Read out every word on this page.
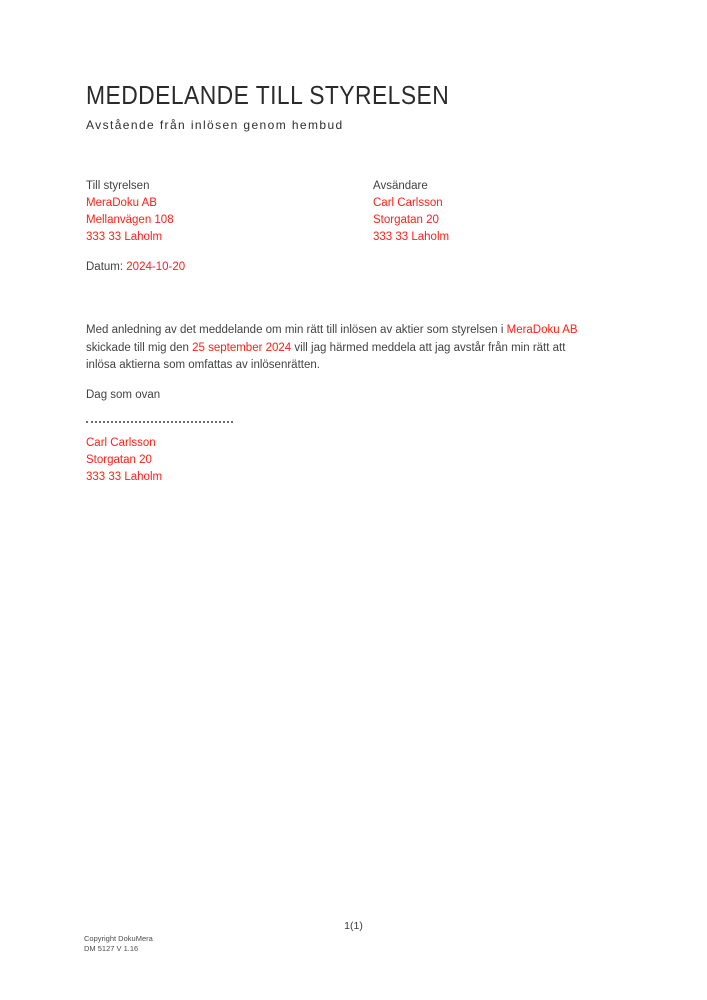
MEDDELANDE TILL STYRELSEN
Avstående från inlösen genom hembud
Till styrelsen
MeraDoku AB
Mellanvägen 108
333 33 Laholm
Avsändare
Carl Carlsson
Storgatan 20
333 33 Laholm
Datum: 2024-10-20
Med anledning av det meddelande om min rätt till inlösen av aktier som styrelsen i MeraDoku AB
skickade till mig den 25 september 2024 vill jag härmed meddela att jag avstår från min rätt att
inlösa aktierna som omfattas av inlösenrätten.
Dag som ovan
Carl Carlsson
Storgatan 20
333 33 Laholm
1(1)
Copyright DokuMera
DM 5127 V 1.16
